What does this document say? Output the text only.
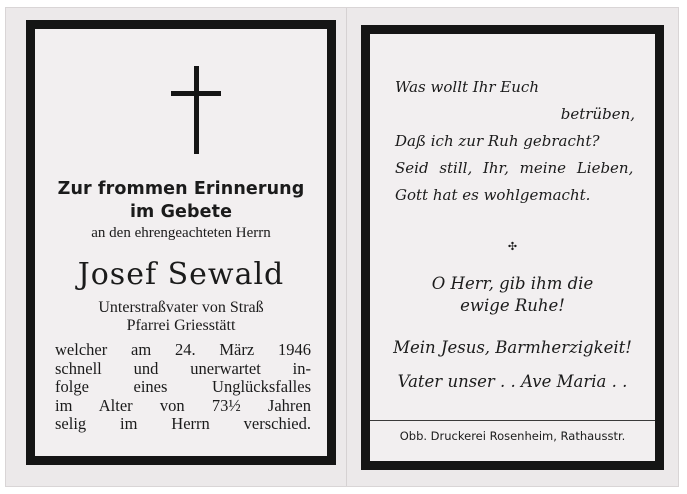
Zur frommen Erinnerung
im Gebete
an den ehrengeachteten Herrn
Josef Sewald
Unterstraßvater von Straß
Pfarrei Griesstätt
welcher am 24. März 1946
schnell und unerwartet in-
folge eines Unglücksfalles
im Alter von 73½ Jahren
selig im Herrn verschied.
Was wollt Ihr Euch
betrüben,
Daß ich zur Ruh gebracht?
Seid still, Ihr, meine Lieben,
Gott hat es wohlgemacht.
✣
O Herr, gib ihm die
ewige Ruhe!
Mein Jesus, Barmherzigkeit!
Vater unser . . Ave Maria . .
Obb. Druckerei Rosenheim, Rathausstr.
